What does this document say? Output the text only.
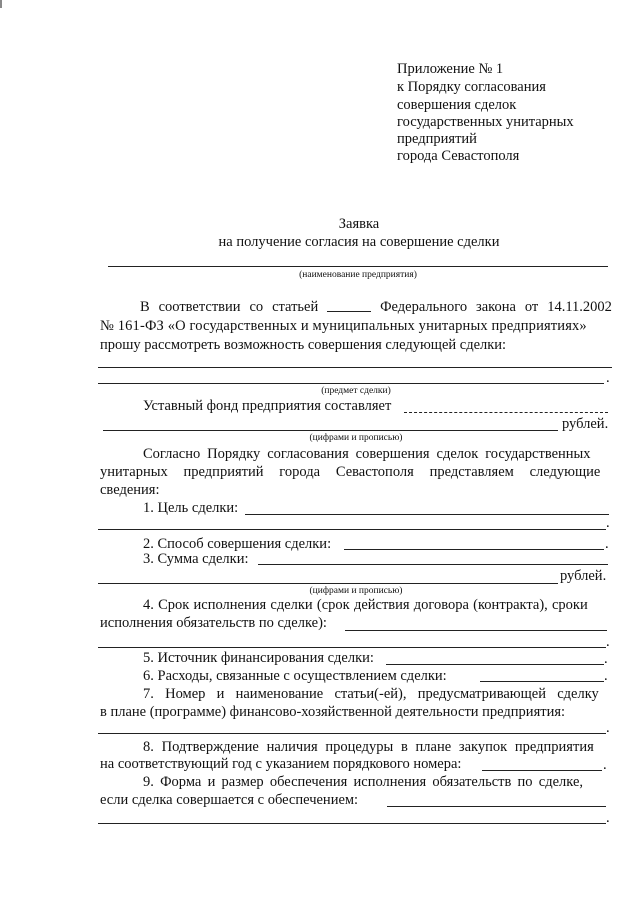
Приложение № 1
к Порядку согласования
совершения сделок
государственных унитарных
предприятий
города Севастополя
Заявка
на получение согласия на совершение сделки
(наименование предприятия)
В соответствии со статьей	Федерального закона от 14.11.2002
№ 161-ФЗ «О государственных и муниципальных унитарных предприятиях»
прошу рассмотреть возможность совершения следующей сделки:
.
(предмет сделки)
Уставный фонд предприятия составляет
рублей.
(цифрами и прописью)
Согласно Порядку согласования совершения сделок государственных
унитарных предприятий города Севастополя представляем следующие
сведения:
1. Цель сделки:
.
2. Способ совершения сделки:	.
3. Сумма сделки:
рублей.
(цифрами и прописью)
4. Срок исполнения сделки (срок действия договора (контракта), сроки
исполнения обязательств по сделке):
.
5. Источник финансирования сделки:	.
6. Расходы, связанные с осуществлением сделки:	.
7. Номер и наименование статьи(-ей), предусматривающей сделку
в плане (программе) финансово-хозяйственной деятельности предприятия:
.
8. Подтверждение наличия процедуры в плане закупок предприятия
на соответствующий год с указанием порядкового номера:	.
9. Форма и размер обеспечения исполнения обязательств по сделке,
если сделка совершается с обеспечением:
.
